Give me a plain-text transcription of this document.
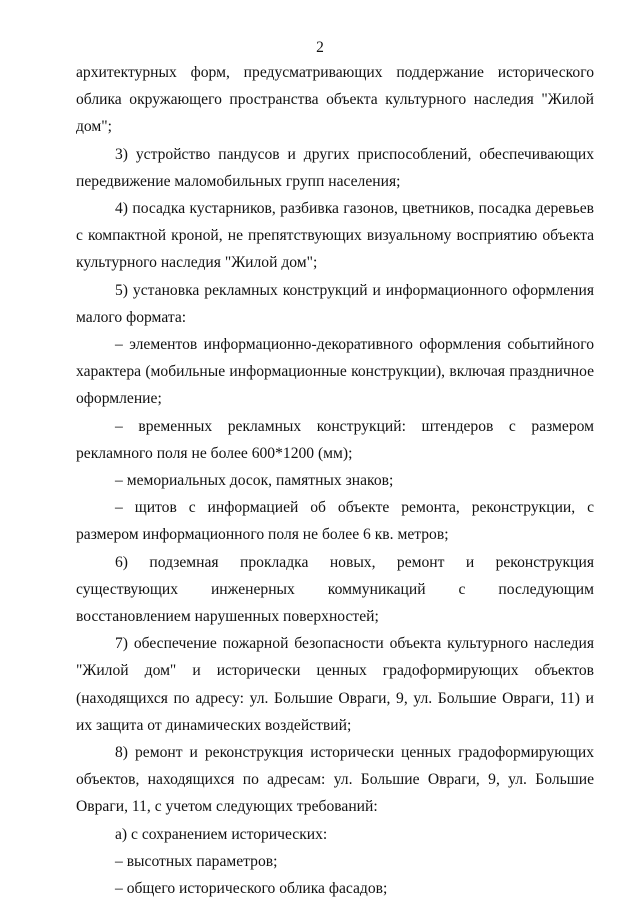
2

архитектурных форм, предусматривающих поддержание исторического облика окружающего пространства объекта культурного наследия "Жилой дом";

3) устройство пандусов и других приспособлений, обеспечивающих передвижение маломобильных групп населения;

4) посадка кустарников, разбивка газонов, цветников, посадка деревьев с компактной кроной, не препятствующих визуальному восприятию объекта культурного наследия "Жилой дом";

5) установка рекламных конструкций и информационного оформления малого формата:

– элементов информационно-декоративного оформления событийного характера (мобильные информационные конструкции), включая праздничное оформление;

– временных рекламных конструкций: штендеров с размером рекламного поля не более 600*1200 (мм);

– мемориальных досок, памятных знаков;

– щитов с информацией об объекте ремонта, реконструкции, с размером информационного поля не более 6 кв. метров;

6) подземная прокладка новых, ремонт и реконструкция существующих инженерных коммуникаций с последующим восстановлением нарушенных поверхностей;

7) обеспечение пожарной безопасности объекта культурного наследия "Жилой дом" и исторически ценных градоформирующих объектов (находящихся по адресу: ул. Большие Овраги, 9, ул. Большие Овраги, 11) и их защита от динамических воздействий;

8) ремонт и реконструкция исторически ценных градоформирующих объектов, находящихся по адресам: ул. Большие Овраги, 9, ул. Большие Овраги, 11, с учетом следующих требований:

а) с сохранением исторических:

– высотных параметров;

– общего исторического облика фасадов;
